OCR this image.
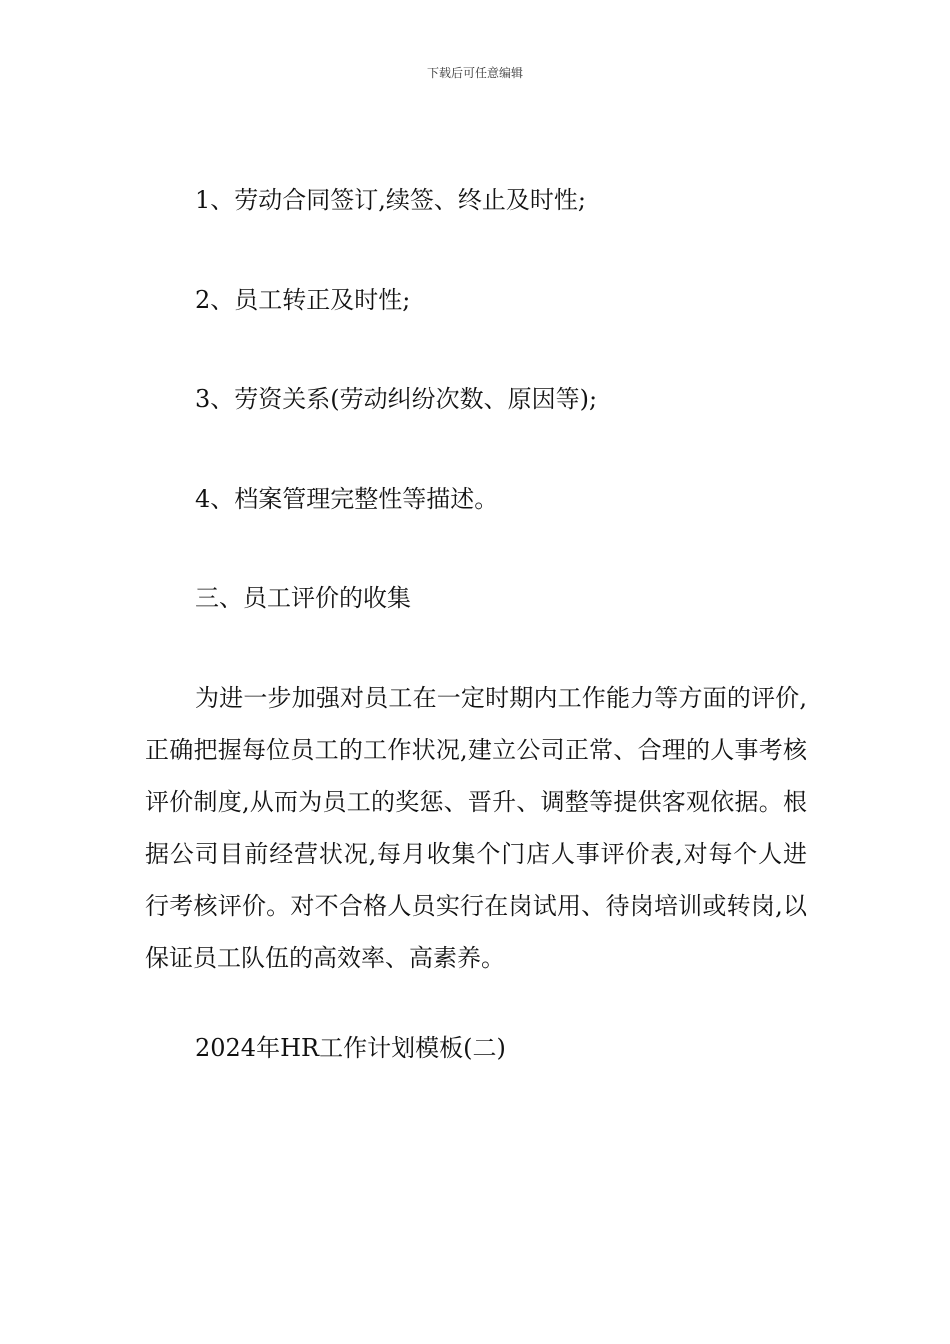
下载后可任意编辑
1、劳动合同签订,续签、终止及时性;
2、员工转正及时性;
3、劳资关系(劳动纠纷次数、原因等);
4、档案管理完整性等描述。
三、员工评价的收集
为进一步加强对员工在一定时期内工作能力等方面的评价,正确把握每位员工的工作状况,建立公司正常、合理的人事考核评价制度,从而为员工的奖惩、晋升、调整等提供客观依据。根据公司目前经营状况,每月收集个门店人事评价表,对每个人进行考核评价。对不合格人员实行在岗试用、待岗培训或转岗,以保证员工队伍的高效率、高素养。
2024年HR工作计划模板(二)
